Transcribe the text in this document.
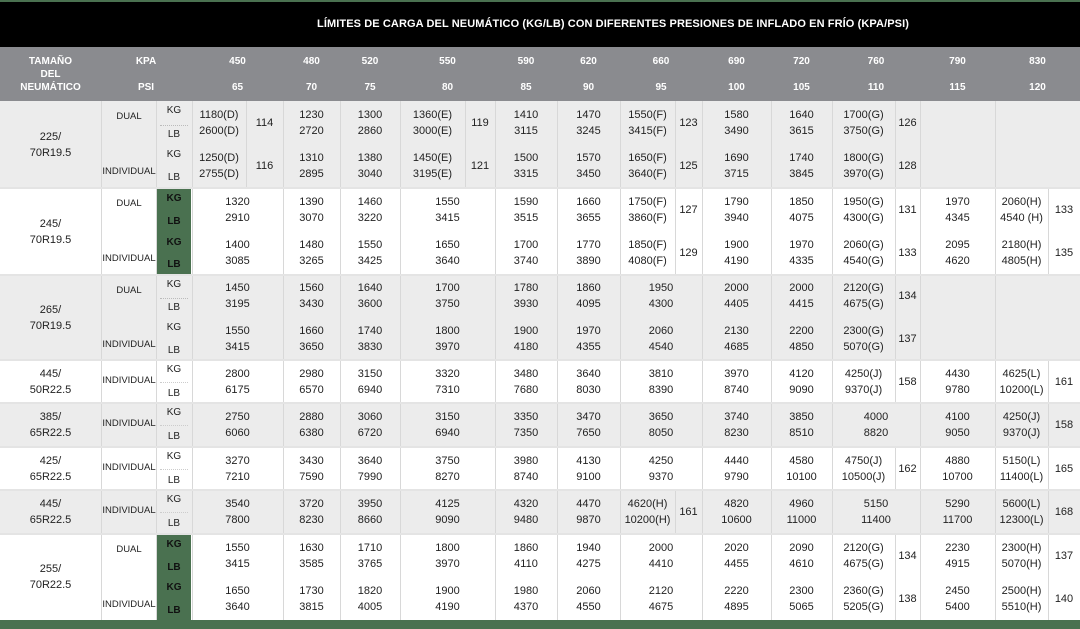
LÍMITES DE CARGA DEL NEUMÁTICO (KG/LB) CON DIFERENTES PRESIONES DE INFLADO EN FRÍO (KPA/PSI)
TAMAÑO
DEL
NEUMÁTICO
KPA
PSI
450
65
480
70
520
75
550
80
590
85
620
90
660
95
690
100
720
105
760
110
790
115
830
120
225/
70R19.5
DUAL
KG
LB
1180(D)
2600(D)
114
1230
2720
1300
2860
1360(E)
3000(E)
119
1410
3115
1470
3245
1550(F)
3415(F)
123
1580
3490
1640
3615
1700(G)
3750(G)
126
INDIVIDUAL
KG
LB
1250(D)
2755(D)
116
1310
2895
1380
3040
1450(E)
3195(E)
121
1500
3315
1570
3450
1650(F)
3640(F)
125
1690
3715
1740
3845
1800(G)
3970(G)
128
245/
70R19.5
KG
LB
KG
LB
DUAL	1320
2910
1390
3070
1460
3220
1550
3415
1590
3515
1660
3655
1750(F)
3860(F)
127
1790
3940
1850
4075
1950(G)
4300(G)
131
1970
4345
2060(H)
4540 (H)
133
INDIVIDUAL
1400
3085
1480
3265
1550
3425
1650
3640
1700
3740
1770
3890
1850(F)
4080(F)
129
1900
4190
1970
4335
2060(G)
4540(G)
133
2095
4620
2180(H)
4805(H)
135
265/
70R19.5
DUAL
KG
LB
1450
3195
1560
3430
1640
3600
1700
3750
1780
3930
1860
4095
1950
4300
2000
4405
2000
4415
2120(G)
4675(G)
134
INDIVIDUAL
KG
LB
1550
3415
1660
3650
1740
3830
1800
3970
1900
4180
1970
4355
2060
4540
2130
4685
2200
4850
2300(G)
5070(G)
137
445/
50R22.5
INDIVIDUAL
KG
LB
2800
6175
2980
6570
3150
6940
3320
7310
3480
7680
3640
8030
3810
8390
3970
8740
4120
9090
4250(J)
9370(J)
158
4430
9780
4625(L)
10200(L)
161
385/
65R22.5
INDIVIDUAL
KG
LB
2750
6060
2880
6380
3060
6720
3150
6940
3350
7350
3470
7650
3650
8050
3740
8230
3850
8510
4000
8820
4100
9050
4250(J)
9370(J)
158
425/
65R22.5
INDIVIDUAL
KG
LB
3270
7210
3430
7590
3640
7990
3750
8270
3980
8740
4130
9100
4250
9370
4440
9790
4580
10100
4750(J)
10500(J)
162
4880
10700
5150(L)
11400(L)
165
445/
65R22.5
INDIVIDUAL
KG
LB
3540
7800
3720
8230
3950
8660
4125
9090
4320
9480
4470
9870
4620(H)
10200(H)
161
4820
10600
4960
11000
5150
11400
5290
11700
5600(L)
12300(L)
168
255/
70R22.5
KG
LB
KG
LB
DUAL	1550
3415
1630
3585
1710
3765
1800
3970
1860
4110
1940
4275
2000
4410
2020
4455
2090
4610
2120(G)
4675(G)
134
2230
4915
2300(H)
5070(H)
137
INDIVIDUAL
1650
3640
1730
3815
1820
4005
1900
4190
1980
4370
2060
4550
2120
4675
2220
4895
2300
5065
2360(G)
5205(G)
138
2450
5400
2500(H)
5510(H)
140
